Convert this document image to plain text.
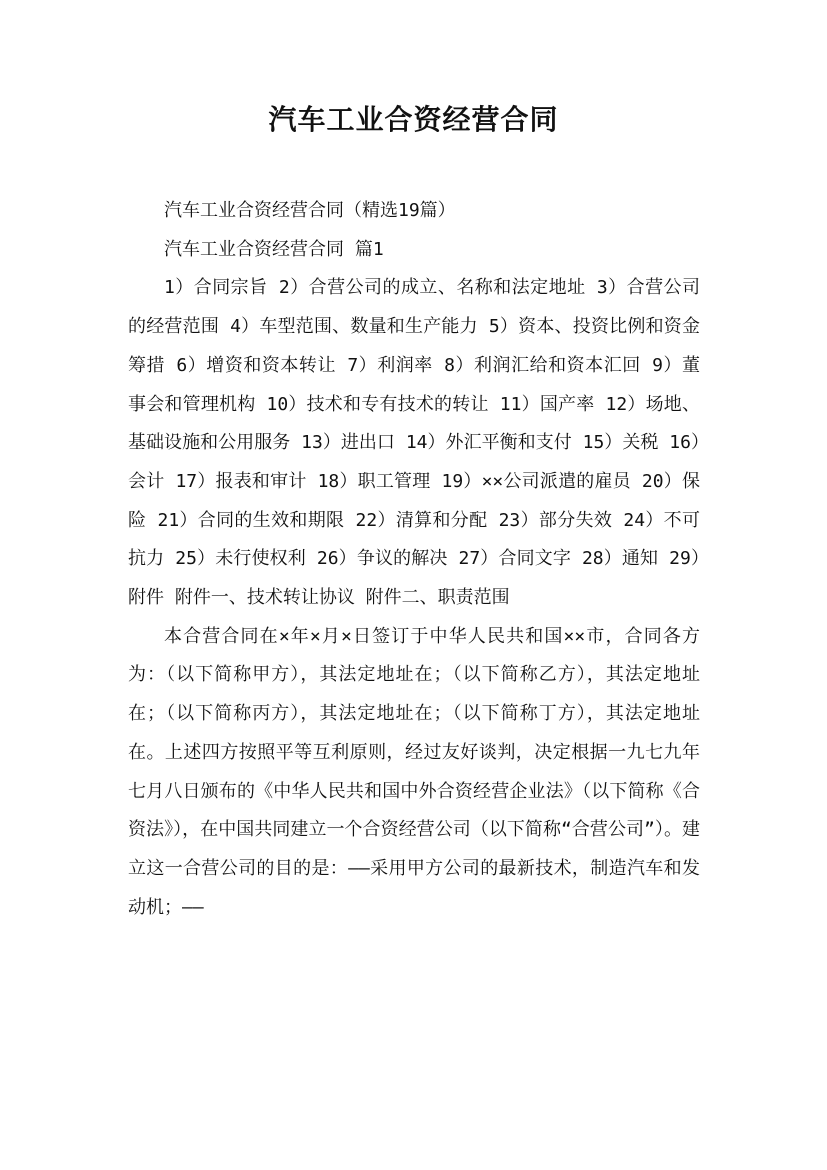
汽车工业合资经营合同

汽车工业合资经营合同（精选19篇）

汽车工业合资经营合同 篇1

1）合同宗旨 2）合营公司的成立、名称和法定地址 3）合营公司的经营范围 4）车型范围、数量和生产能力 5）资本、投资比例和资金筹措 6）增资和资本转让 7）利润率 8）利润汇给和资本汇回 9）董事会和管理机构 10）技术和专有技术的转让 11）国产率 12）场地、基础设施和公用服务 13）进出口 14）外汇平衡和支付 15）关税 16）会计 17）报表和审计 18）职工管理 19）××公司派遣的雇员 20）保险 21）合同的生效和期限 22）清算和分配 23）部分失效 24）不可抗力 25）未行使权利 26）争议的解决 27）合同文字 28）通知 29）附件 附件一、技术转让协议 附件二、职责范围

本合营合同在×年×月×日签订于中华人民共和国××市，合同各方为：（以下简称甲方），其法定地址在；（以下简称乙方），其法定地址在；（以下简称丙方），其法定地址在；（以下简称丁方），其法定地址在。上述四方按照平等互利原则，经过友好谈判，决定根据一九七九年七月八日颁布的《中华人民共和国中外合资经营企业法》（以下简称《合资法》），在中国共同建立一个合资经营公司（以下简称“合营公司”）。建立这一合营公司的目的是：——采用甲方公司的最新技术，制造汽车和发动机；——
